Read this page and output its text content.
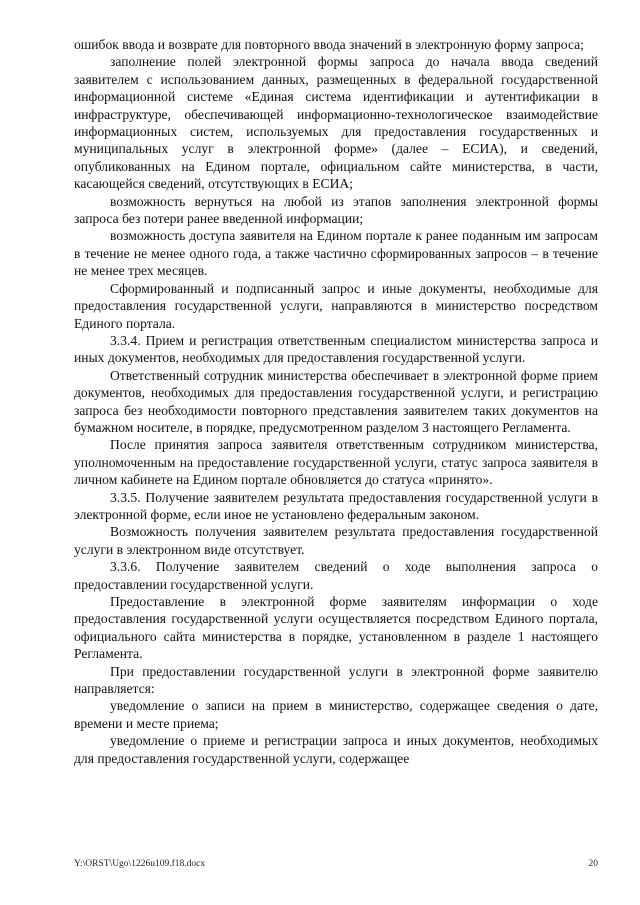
ошибок ввода и возврате для повторного ввода значений в электронную форму запроса;

заполнение полей электронной формы запроса до начала ввода сведений заявителем с использованием данных, размещенных в федеральной государственной информационной системе «Единая система идентификации и аутентификации в инфраструктуре, обеспечивающей информационно-технологическое взаимодействие информационных систем, используемых для предоставления государственных и муниципальных услуг в электронной форме» (далее – ЕСИА), и сведений, опубликованных на Едином портале, официальном сайте министерства, в части, касающейся сведений, отсутствующих в ЕСИА;

возможность вернуться на любой из этапов заполнения электронной формы запроса без потери ранее введенной информации;

возможность доступа заявителя на Едином портале к ранее поданным им запросам в течение не менее одного года, а также частично сформированных запросов – в течение не менее трех месяцев.

Сформированный и подписанный запрос и иные документы, необходимые для предоставления государственной услуги, направляются в министерство посредством Единого портала.

3.3.4. Прием и регистрация ответственным специалистом министерства запроса и иных документов, необходимых для предоставления государственной услуги.

Ответственный сотрудник министерства обеспечивает в электронной форме прием документов, необходимых для предоставления государственной услуги, и регистрацию запроса без необходимости повторного представления заявителем таких документов на бумажном носителе, в порядке, предусмотренном разделом 3 настоящего Регламента.

После принятия запроса заявителя ответственным сотрудником министерства, уполномоченным на предоставление государственной услуги, статус запроса заявителя в личном кабинете на Едином портале обновляется до статуса «принято».

3.3.5. Получение заявителем результата предоставления государственной услуги в электронной форме, если иное не установлено федеральным законом.

Возможность получения заявителем результата предоставления государственной услуги в электронном виде отсутствует.

3.3.6. Получение заявителем сведений о ходе выполнения запроса о предоставлении государственной услуги.

Предоставление в электронной форме заявителям информации о ходе предоставления государственной услуги осуществляется посредством Единого портала, официального сайта министерства в порядке, установленном в разделе 1 настоящего Регламента.

При предоставлении государственной услуги в электронной форме заявителю направляется:

уведомление о записи на прием в министерство, содержащее сведения о дате, времени и месте приема;

уведомление о приеме и регистрации запроса и иных документов, необходимых для предоставления государственной услуги, содержащее

Y:\ORST\Ugo\1226u109.f18.docx	20
